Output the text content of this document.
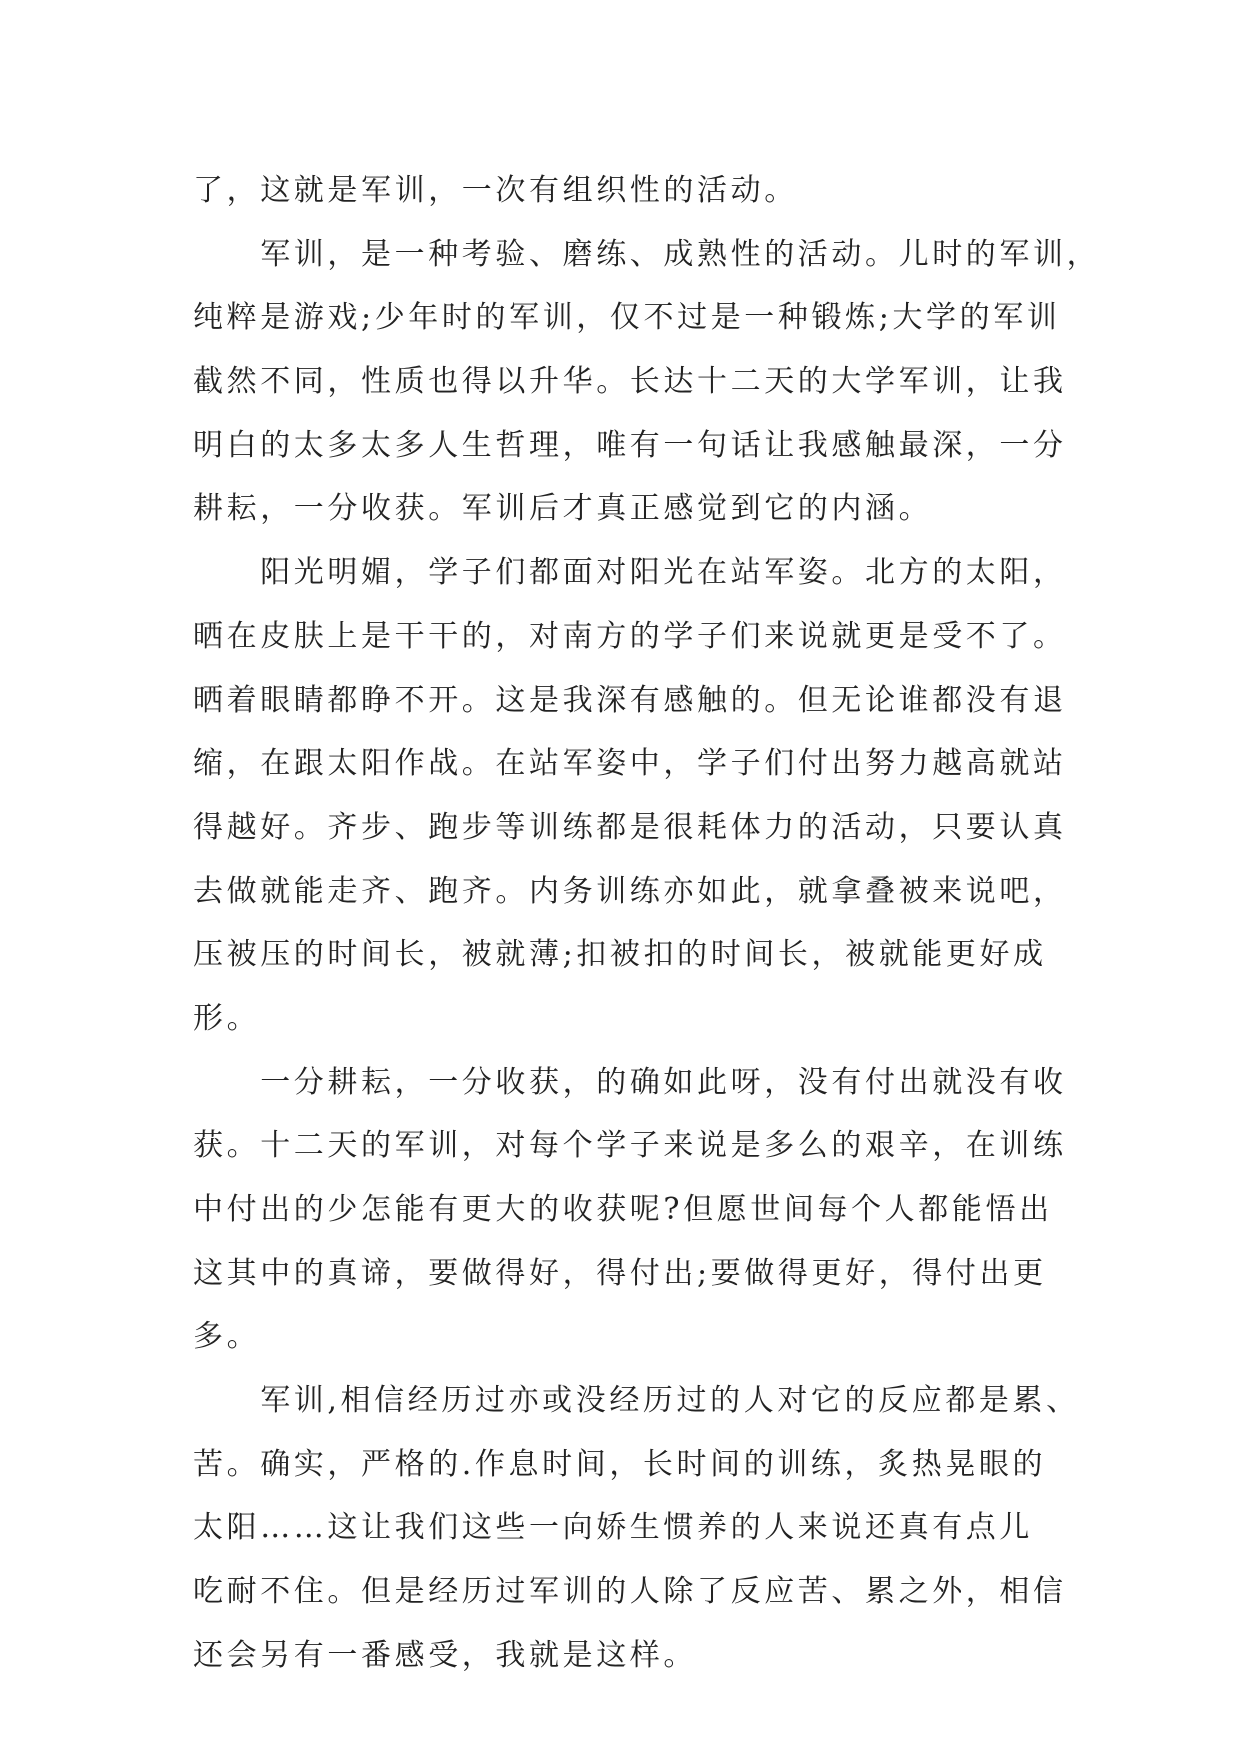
了，这就是军训，一次有组织性的活动。
　　军训，是一种考验、磨练、成熟性的活动。儿时的军训，
纯粹是游戏;少年时的军训，仅不过是一种锻炼;大学的军训
截然不同，性质也得以升华。长达十二天的大学军训，让我
明白的太多太多人生哲理，唯有一句话让我感触最深，一分
耕耘，一分收获。军训后才真正感觉到它的内涵。
　　阳光明媚，学子们都面对阳光在站军姿。北方的太阳，
晒在皮肤上是干干的，对南方的学子们来说就更是受不了。
晒着眼睛都睁不开。这是我深有感触的。但无论谁都没有退
缩，在跟太阳作战。在站军姿中，学子们付出努力越高就站
得越好。齐步、跑步等训练都是很耗体力的活动，只要认真
去做就能走齐、跑齐。内务训练亦如此，就拿叠被来说吧，
压被压的时间长，被就薄;扣被扣的时间长，被就能更好成
形。
　　一分耕耘，一分收获，的确如此呀，没有付出就没有收
获。十二天的军训，对每个学子来说是多么的艰辛，在训练
中付出的少怎能有更大的收获呢?但愿世间每个人都能悟出
这其中的真谛，要做得好，得付出;要做得更好，得付出更
多。
　　军训,相信经历过亦或没经历过的人对它的反应都是累、
苦。确实，严格的.作息时间，长时间的训练，炙热晃眼的
太阳……这让我们这些一向娇生惯养的人来说还真有点儿
吃耐不住。但是经历过军训的人除了反应苦、累之外，相信
还会另有一番感受，我就是这样。
